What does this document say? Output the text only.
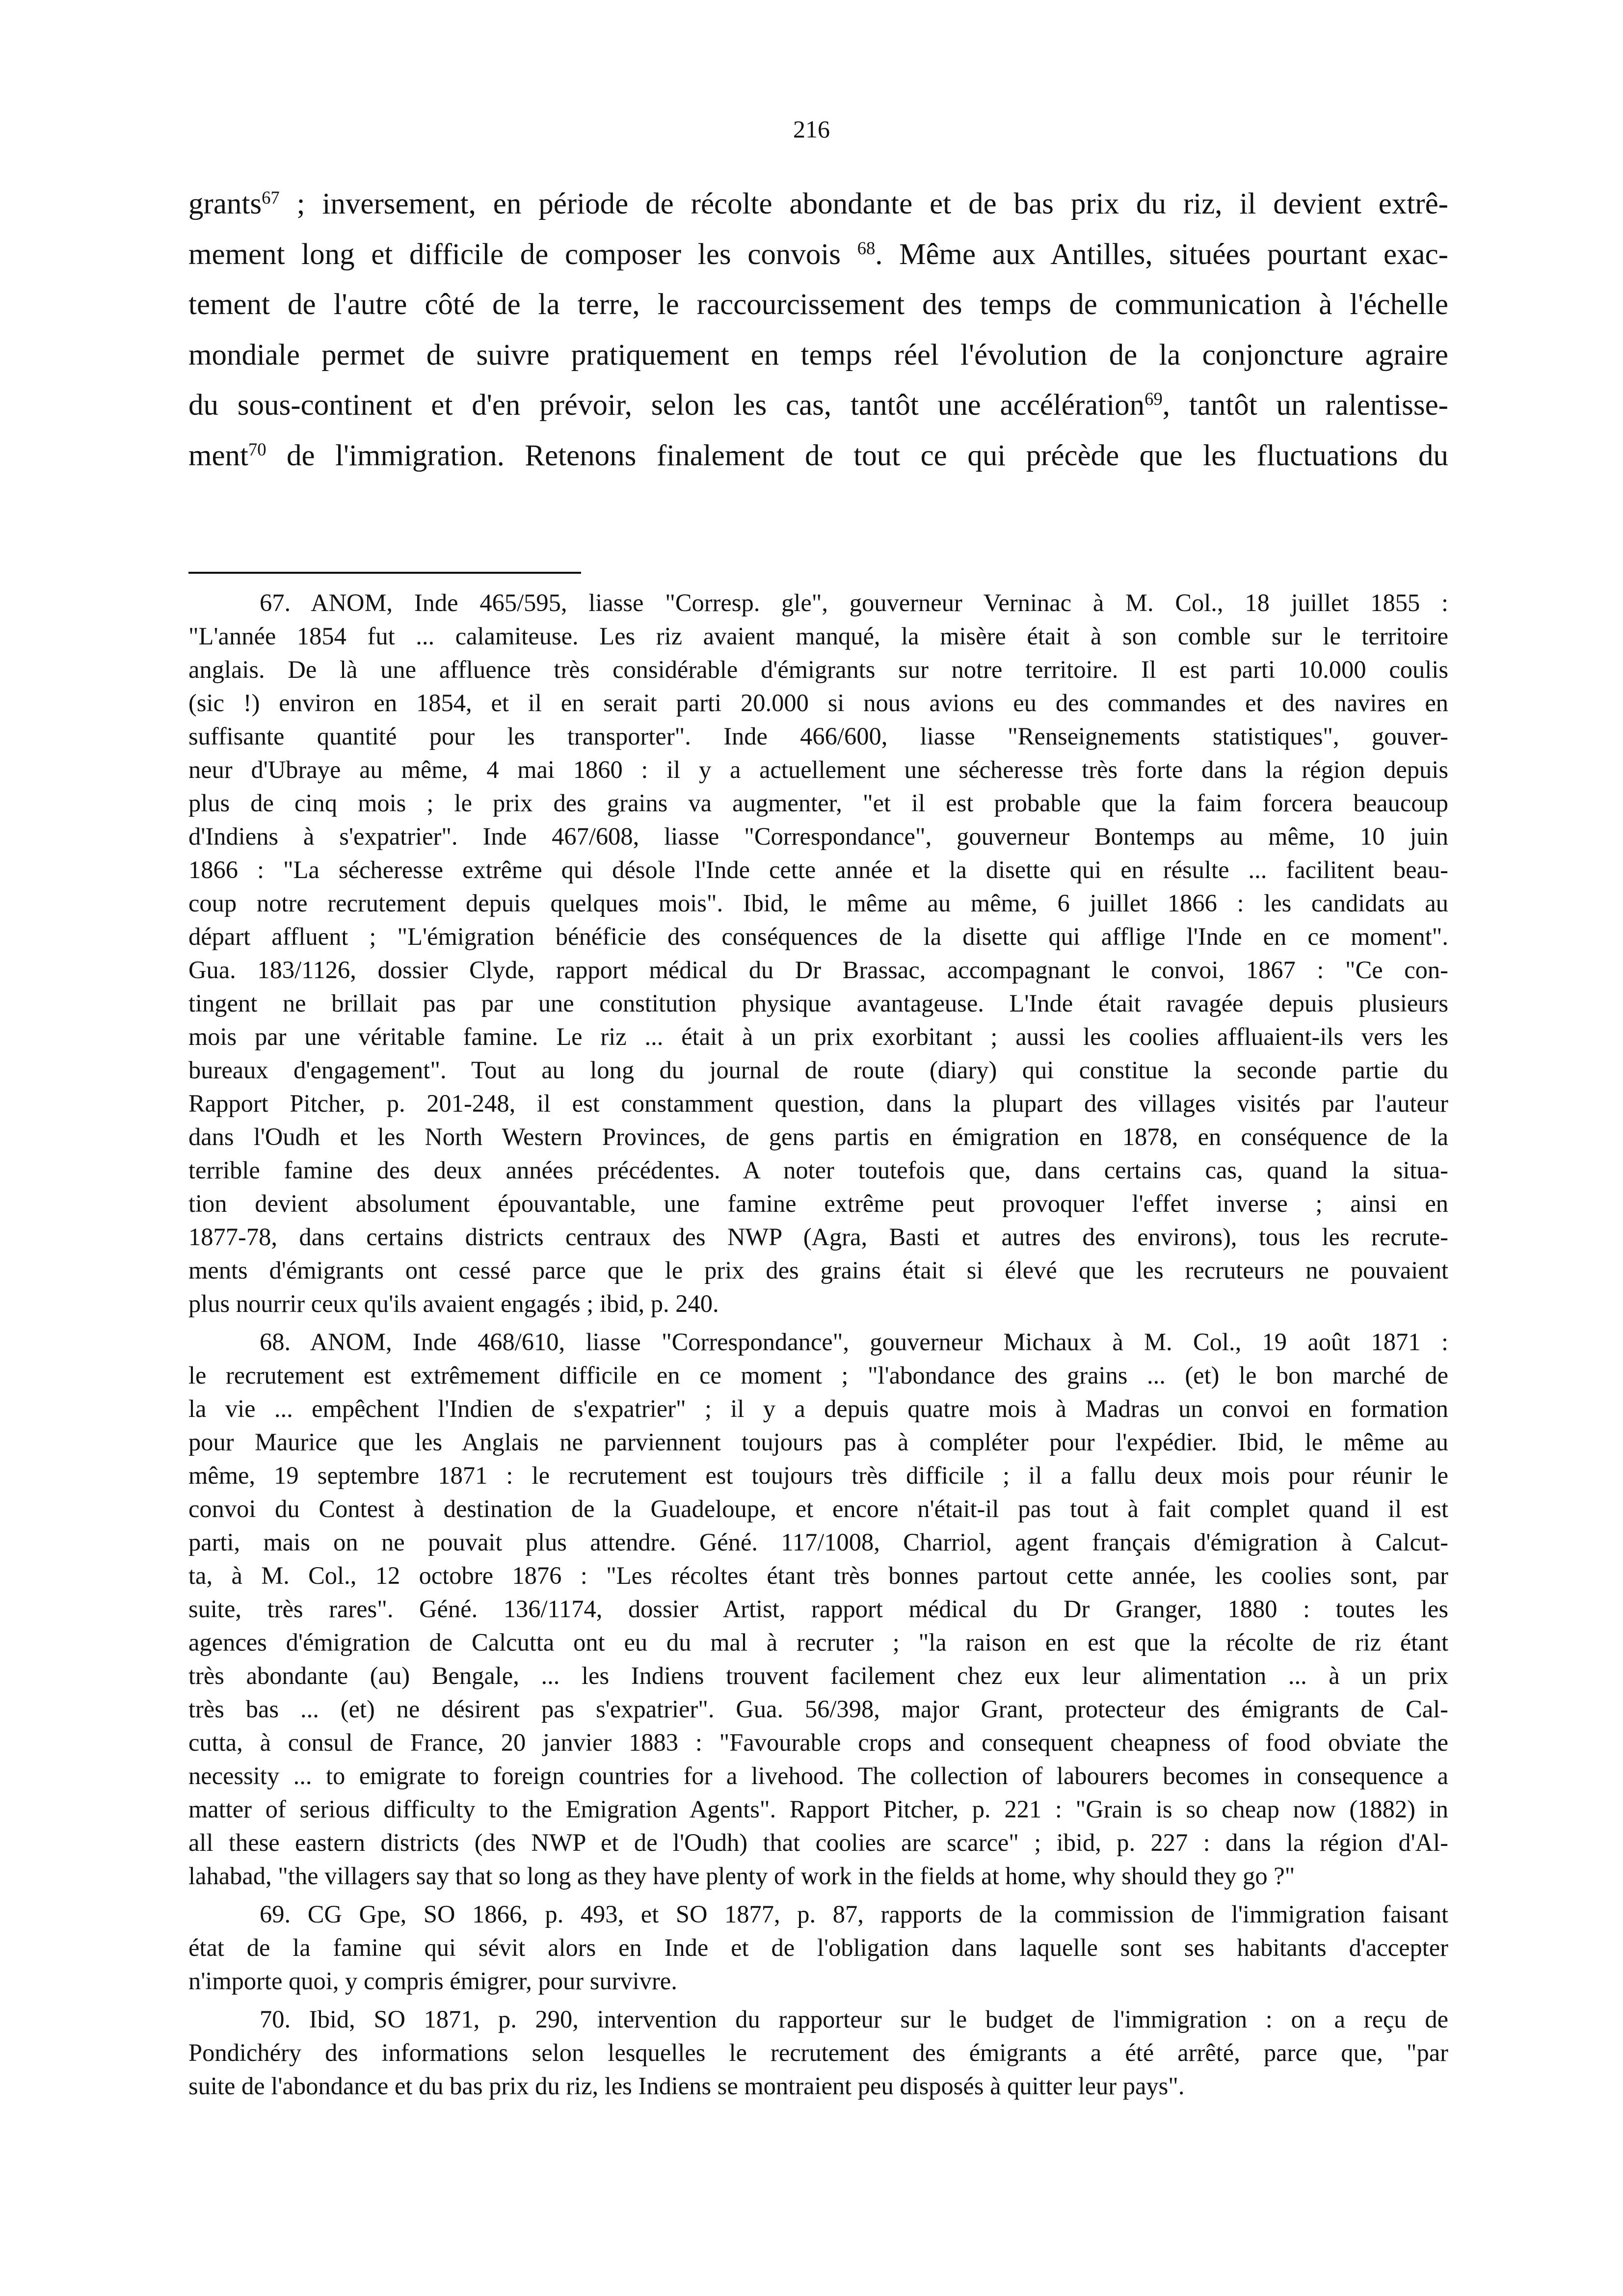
216
grants$^{67}$ ; inversement, en période de récolte abondante et de bas prix du riz, il devient extrê-
mement long et difficile de composer les convois $^{68}$. Même aux Antilles, situées pourtant exac-
tement de l'autre côté de la terre, le raccourcissement des temps de communication à l'échelle
mondiale permet de suivre pratiquement en temps réel l'évolution de la conjoncture agraire
du sous-continent et d'en prévoir, selon les cas, tantôt une accélération$^{69}$, tantôt un ralentisse-
ment$^{70}$ de l'immigration. Retenons finalement de tout ce qui précède que les fluctuations du
67. ANOM, Inde 465/595, liasse "Corresp. gle", gouverneur Verninac à M. Col., 18 juillet 1855 :
"L'année 1854 fut ... calamiteuse. Les riz avaient manqué, la misère était à son comble sur le territoire
anglais. De là une affluence très considérable d'émigrants sur notre territoire. Il est parti 10.000 coulis
(sic !) environ en 1854, et il en serait parti 20.000 si nous avions eu des commandes et des navires en
suffisante quantité pour les transporter". Inde 466/600, liasse "Renseignements statistiques", gouver-
neur d'Ubraye au même, 4 mai 1860 : il y a actuellement une sécheresse très forte dans la région depuis
plus de cinq mois ; le prix des grains va augmenter, "et il est probable que la faim forcera beaucoup
d'Indiens à s'expatrier". Inde 467/608, liasse "Correspondance", gouverneur Bontemps au même, 10 juin
1866 : "La sécheresse extrême qui désole l'Inde cette année et la disette qui en résulte ... facilitent beau-
coup notre recrutement depuis quelques mois". Ibid, le même au même, 6 juillet 1866 : les candidats au
départ affluent ; "L'émigration bénéficie des conséquences de la disette qui afflige l'Inde en ce moment".
Gua. 183/1126, dossier Clyde, rapport médical du Dr Brassac, accompagnant le convoi, 1867 : "Ce con-
tingent ne brillait pas par une constitution physique avantageuse. L'Inde était ravagée depuis plusieurs
mois par une véritable famine. Le riz ... était à un prix exorbitant ; aussi les coolies affluaient-ils vers les
bureaux d'engagement". Tout au long du journal de route (diary) qui constitue la seconde partie du
Rapport Pitcher, p. 201-248, il est constamment question, dans la plupart des villages visités par l'auteur
dans l'Oudh et les North Western Provinces, de gens partis en émigration en 1878, en conséquence de la
terrible famine des deux années précédentes. A noter toutefois que, dans certains cas, quand la situa-
tion devient absolument épouvantable, une famine extrême peut provoquer l'effet inverse ; ainsi en
1877-78, dans certains districts centraux des NWP (Agra, Basti et autres des environs), tous les recrute-
ments d'émigrants ont cessé parce que le prix des grains était si élevé que les recruteurs ne pouvaient
plus nourrir ceux qu'ils avaient engagés ; ibid, p. 240.
68. ANOM, Inde 468/610, liasse "Correspondance", gouverneur Michaux à M. Col., 19 août 1871 :
le recrutement est extrêmement difficile en ce moment ; "l'abondance des grains ... (et) le bon marché de
la vie ... empêchent l'Indien de s'expatrier" ; il y a depuis quatre mois à Madras un convoi en formation
pour Maurice que les Anglais ne parviennent toujours pas à compléter pour l'expédier. Ibid, le même au
même, 19 septembre 1871 : le recrutement est toujours très difficile ; il a fallu deux mois pour réunir le
convoi du Contest à destination de la Guadeloupe, et encore n'était-il pas tout à fait complet quand il est
parti, mais on ne pouvait plus attendre. Géné. 117/1008, Charriol, agent français d'émigration à Calcut-
ta, à M. Col., 12 octobre 1876 : "Les récoltes étant très bonnes partout cette année, les coolies sont, par
suite, très rares". Géné. 136/1174, dossier Artist, rapport médical du Dr Granger, 1880 : toutes les
agences d'émigration de Calcutta ont eu du mal à recruter ; "la raison en est que la récolte de riz étant
très abondante (au) Bengale, ... les Indiens trouvent facilement chez eux leur alimentation ... à un prix
très bas ... (et) ne désirent pas s'expatrier". Gua. 56/398, major Grant, protecteur des émigrants de Cal-
cutta, à consul de France, 20 janvier 1883 : "Favourable crops and consequent cheapness of food obviate the
necessity ... to emigrate to foreign countries for a livehood. The collection of labourers becomes in consequence a
matter of serious difficulty to the Emigration Agents". Rapport Pitcher, p. 221 : "Grain is so cheap now (1882) in
all these eastern districts (des NWP et de l'Oudh) that coolies are scarce" ; ibid, p. 227 : dans la région d'Al-
lahabad, "the villagers say that so long as they have plenty of work in the fields at home, why should they go ?"
69. CG Gpe, SO 1866, p. 493, et SO 1877, p. 87, rapports de la commission de l'immigration faisant
état de la famine qui sévit alors en Inde et de l'obligation dans laquelle sont ses habitants d'accepter
n'importe quoi, y compris émigrer, pour survivre.
70. Ibid, SO 1871, p. 290, intervention du rapporteur sur le budget de l'immigration : on a reçu de
Pondichéry des informations selon lesquelles le recrutement des émigrants a été arrêté, parce que, "par
suite de l'abondance et du bas prix du riz, les Indiens se montraient peu disposés à quitter leur pays".
